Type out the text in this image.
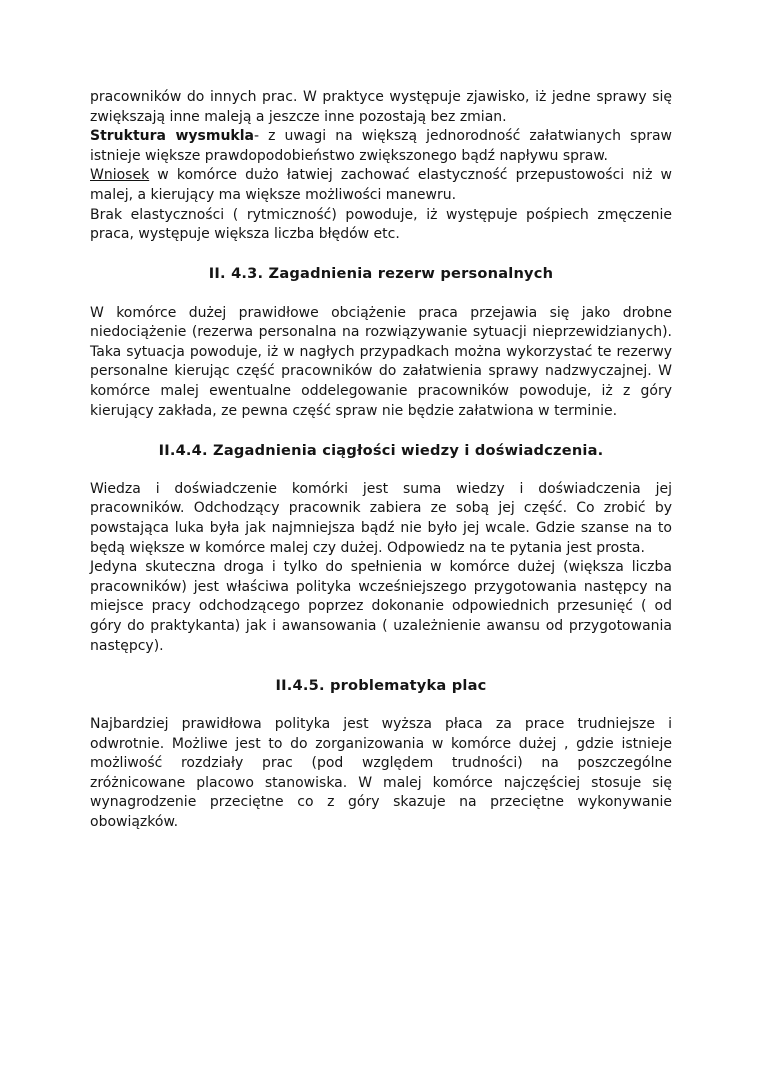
pracowników do innych prac. W praktyce występuje zjawisko, iż jedne sprawy się zwiększają inne maleją a jeszcze inne pozostają bez zmian.

Struktura wysmukla- z uwagi na większą jednorodność załatwianych spraw istnieje większe prawdopodobieństwo zwiększonego bądź napływu spraw.

Wniosek w komórce dużo łatwiej zachować elastyczność przepustowości niż w malej, a kierujący ma większe możliwości manewru.

Brak elastyczności ( rytmiczność) powoduje, iż występuje pośpiech zmęczenie praca, występuje większa liczba błędów etc.

II. 4.3. Zagadnienia rezerw personalnych

W komórce dużej prawidłowe obciążenie praca przejawia się jako drobne niedociążenie (rezerwa personalna na rozwiązywanie sytuacji nieprzewidzianych). Taka sytuacja powoduje, iż w nagłych przypadkach można wykorzystać te rezerwy personalne kierując część pracowników do załatwienia sprawy nadzwyczajnej. W komórce malej ewentualne oddelegowanie pracowników powoduje, iż z góry kierujący zakłada, ze pewna część spraw nie będzie załatwiona w terminie.

II.4.4. Zagadnienia ciągłości wiedzy i doświadczenia.

Wiedza i doświadczenie komórki jest suma wiedzy i doświadczenia jej pracowników. Odchodzący pracownik zabiera ze sobą jej część. Co zrobić by powstająca luka była jak najmniejsza bądź nie było jej wcale. Gdzie szanse na to będą większe w komórce malej czy dużej. Odpowiedz na te pytania jest prosta.

Jedyna skuteczna droga i tylko do spełnienia w komórce dużej (większa liczba pracowników) jest właściwa polityka wcześniejszego przygotowania następcy na miejsce pracy odchodzącego poprzez dokonanie odpowiednich przesunięć ( od góry do praktykanta) jak i awansowania ( uzależnienie awansu od przygotowania następcy).

II.4.5. problematyka plac

Najbardziej prawidłowa polityka jest wyższa płaca za prace trudniejsze i odwrotnie. Możliwe jest to do zorganizowania w komórce dużej , gdzie istnieje możliwość rozdziały prac (pod względem trudności) na poszczególne zróżnicowane placowo stanowiska. W malej komórce najczęściej stosuje się wynagrodzenie przeciętne co z góry skazuje na przeciętne wykonywanie obowiązków.
